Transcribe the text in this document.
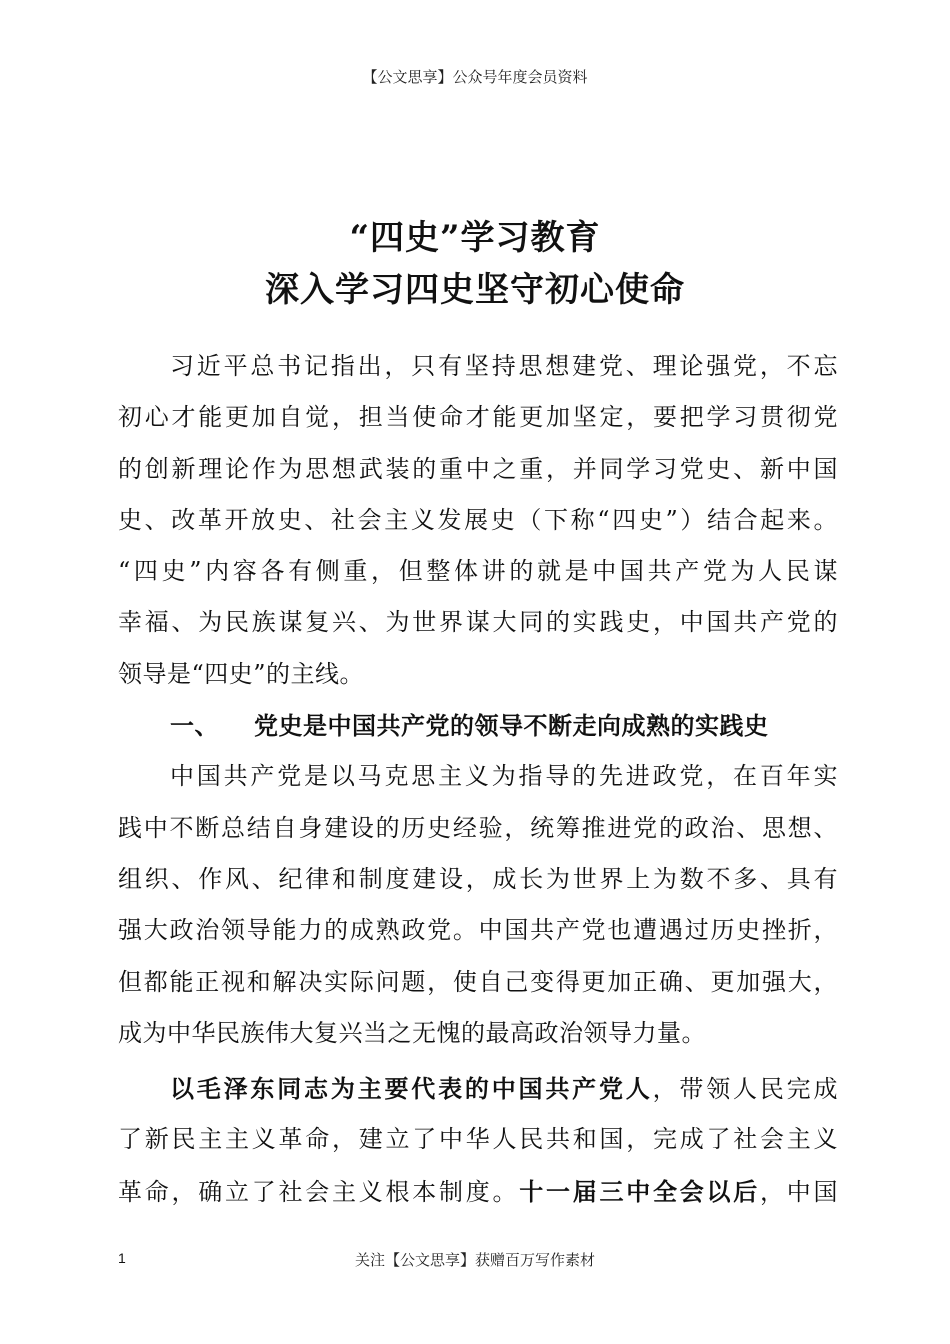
【公文思享】公众号年度会员资料
“四史”学习教育
深入学习四史坚守初心使命
习近平总书记指出，只有坚持思想建党、理论强党，不忘
初心才能更加自觉，担当使命才能更加坚定，要把学习贯彻党
的创新理论作为思想武装的重中之重，并同学习党史、新中国
史、改革开放史、社会主义发展史（下称“四史”）结合起来。
“四史”内容各有侧重，但整体讲的就是中国共产党为人民谋
幸福、为民族谋复兴、为世界谋大同的实践史，中国共产党的
领导是“四史”的主线。
一、 党史是中国共产党的领导不断走向成熟的实践史
中国共产党是以马克思主义为指导的先进政党，在百年实
践中不断总结自身建设的历史经验，统筹推进党的政治、思想、
组织、作风、纪律和制度建设，成长为世界上为数不多、具有
强大政治领导能力的成熟政党。中国共产党也遭遇过历史挫折，
但都能正视和解决实际问题，使自己变得更加正确、更加强大，
成为中华民族伟大复兴当之无愧的最高政治领导力量。
以毛泽东同志为主要代表的中国共产党人，带领人民完成
了新民主主义革命，建立了中华人民共和国，完成了社会主义
革命，确立了社会主义根本制度。十一届三中全会以后，中国
1	关注【公文思享】获赠百万写作素材
